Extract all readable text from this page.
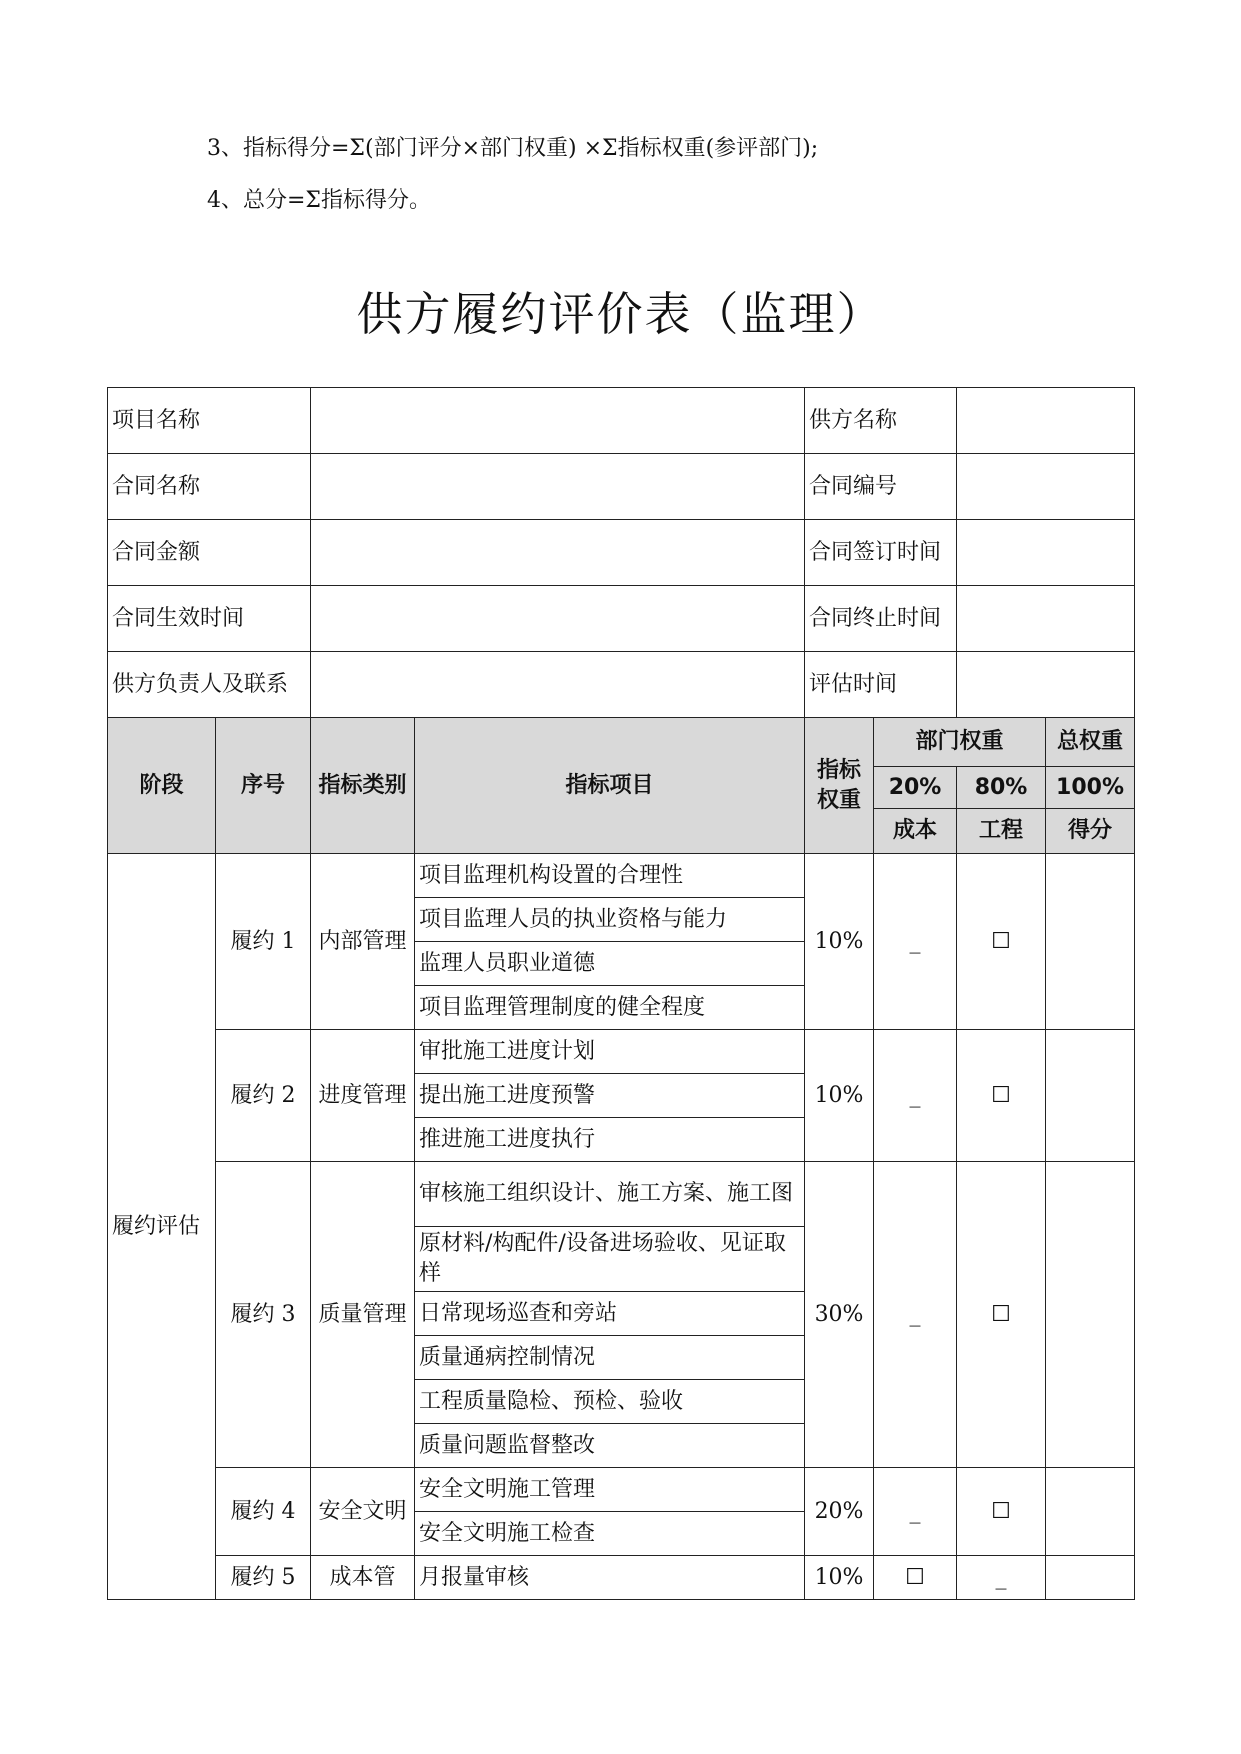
3、指标得分=Σ(部门评分×部门权重) ×Σ指标权重(参评部门);
4、总分=Σ指标得分。
供方履约评价表（监理）
项目名称				供方名称			
合同名称				合同编号			
合同金额				合同签订时间			
合同生效时间				合同终止时间			
供方负责人及联系				评估时间			
阶段	序号	指标类别	指标项目	指标权重	部门权重		总权重
					20%	80%	100%
					成本	工程	得分
履约评估	履约 1	内部管理	项目监理机构设置的合理性	10%	_	☐	
			项目监理人员的执业资格与能力				
			监理人员职业道德				
			项目监理管理制度的健全程度				
	履约 2	进度管理	审批施工进度计划	10%	_	☐	
			提出施工进度预警				
			推进施工进度执行				
	履约 3	质量管理	审核施工组织设计、施工方案、施工图	30%	_	☐	
			原材料/构配件/设备进场验收、见证取样				
			日常现场巡查和旁站				
			质量通病控制情况				
			工程质量隐检、预检、验收				
			质量问题监督整改				
	履约 4	安全文明	安全文明施工管理	20%	_	☐	
			安全文明施工检查				
	履约 5	成本管	月报量审核	10%	☐	_	
